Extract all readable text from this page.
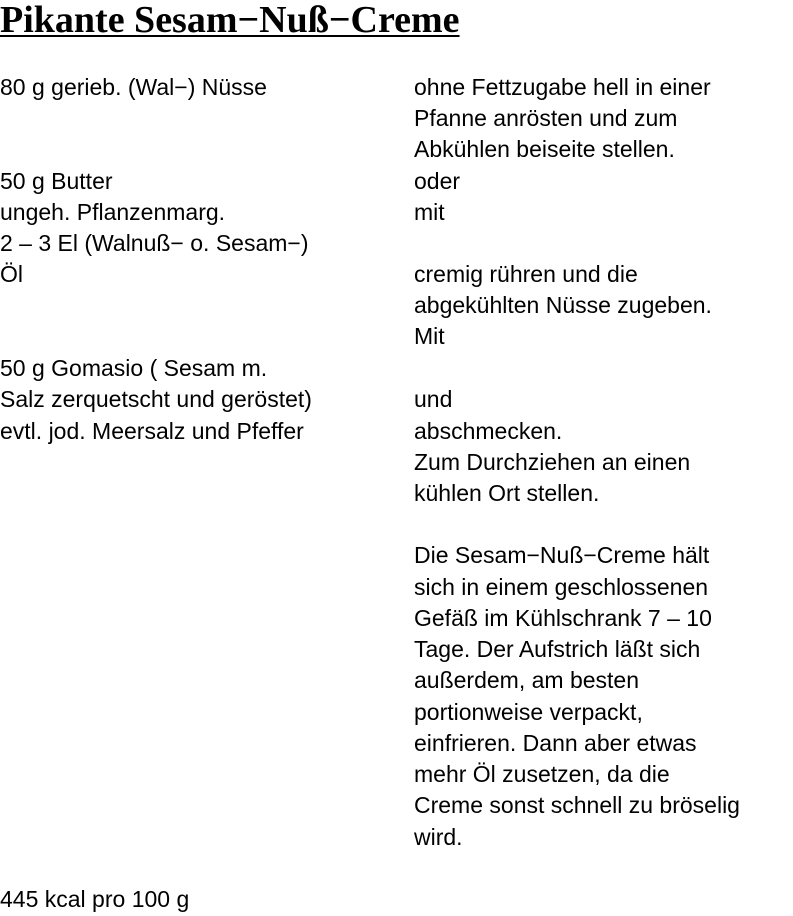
Pikante Sesam−Nuß−Creme
80 g gerieb. (Wal−) Nüsse
50 g Butter
ungeh. Pflanzenmarg.
2 – 3 El (Walnuß− o. Sesam−)
Öl
50 g Gomasio ( Sesam m.
Salz zerquetscht und geröstet)
evtl. jod. Meersalz und Pfeffer
ohne Fettzugabe hell in einer
Pfanne anrösten und zum
Abkühlen beiseite stellen.
oder
mit
cremig rühren und die
abgekühlten Nüsse zugeben.
Mit
und
abschmecken.
Zum Durchziehen an einen
kühlen Ort stellen.
Die Sesam−Nuß−Creme hält
sich in einem geschlossenen
Gefäß im Kühlschrank 7 – 10
Tage. Der Aufstrich läßt sich
außerdem, am besten
portionweise verpackt,
einfrieren. Dann aber etwas
mehr Öl zusetzen, da die
Creme sonst schnell zu bröselig
wird.
445 kcal pro 100 g
